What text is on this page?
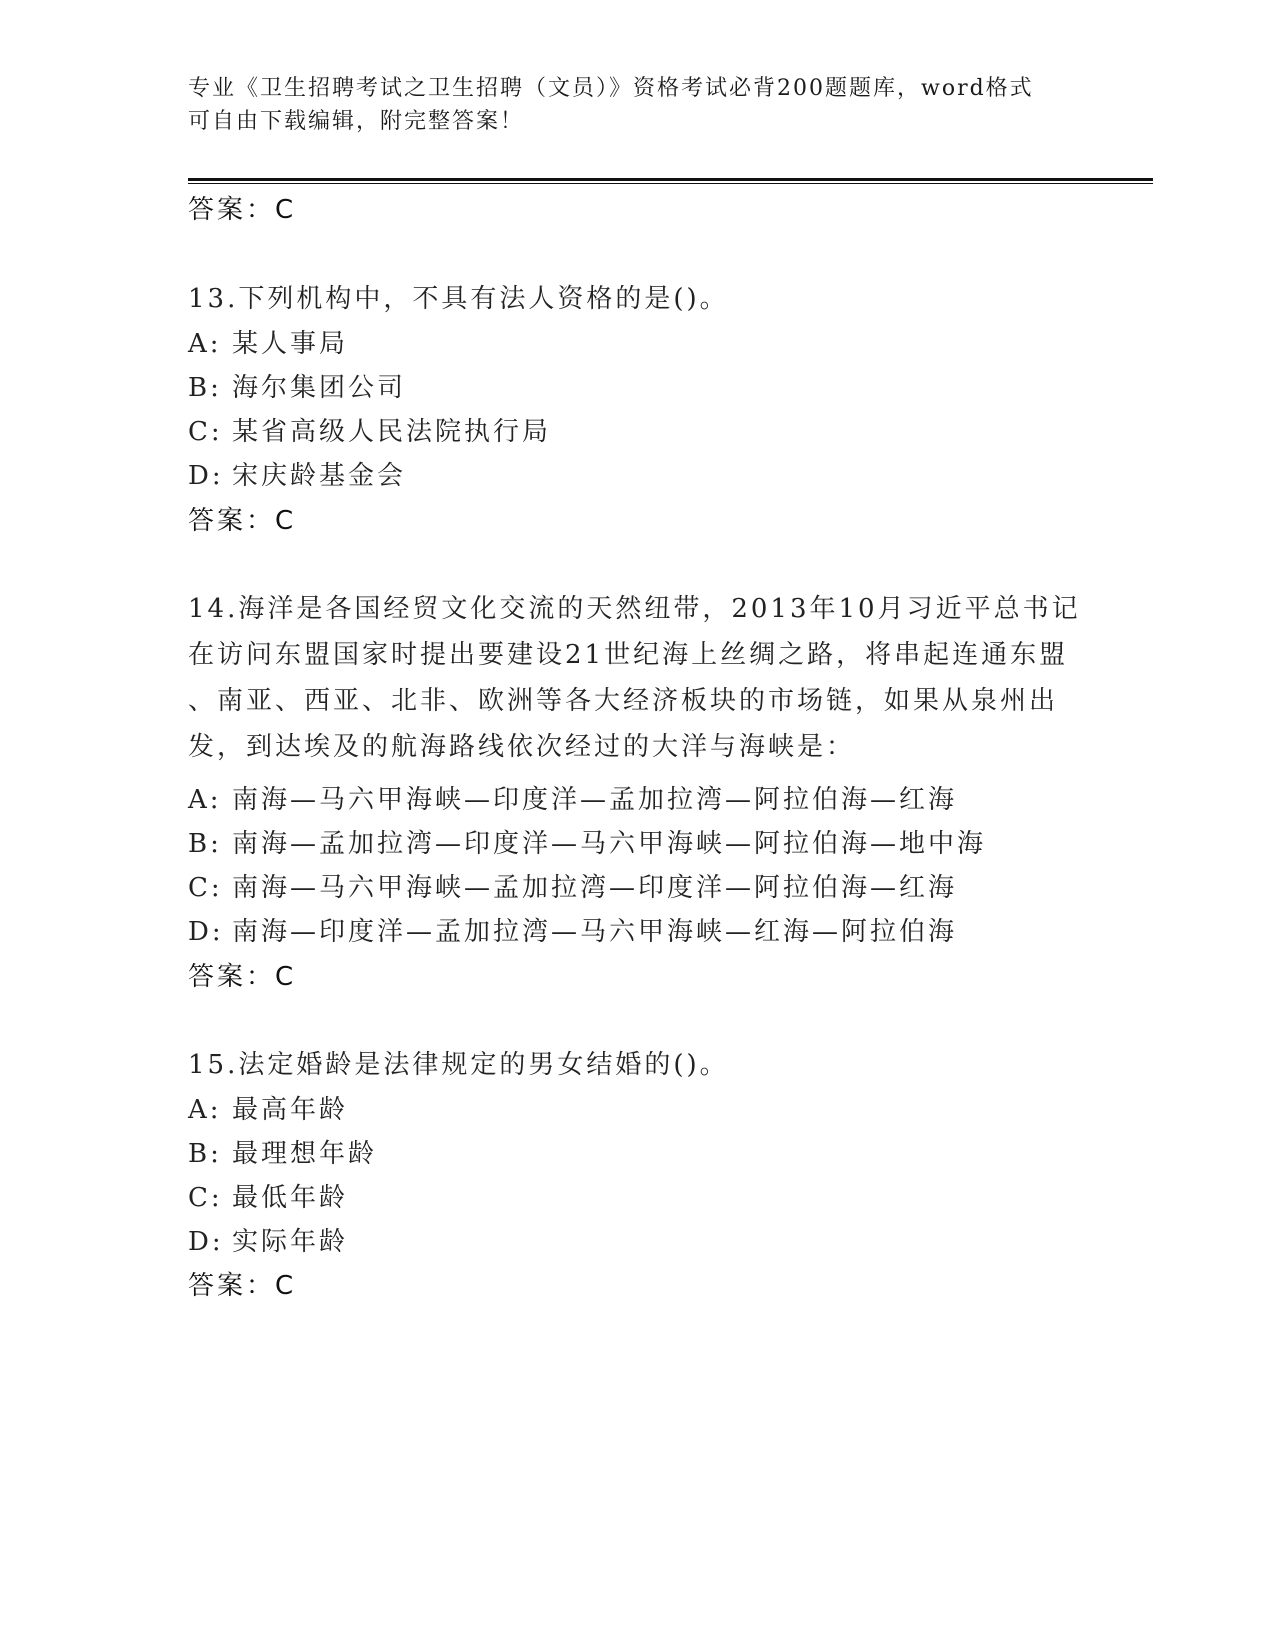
专业《卫生招聘考试之卫生招聘（文员）》资格考试必背200题题库，word格式
可自由下载编辑，附完整答案！
答案：C
13.下列机构中，不具有法人资格的是()。
A: 某人事局
B: 海尔集团公司
C: 某省高级人民法院执行局
D: 宋庆龄基金会
答案：C
14.海洋是各国经贸文化交流的天然纽带，2013年10月习近平总书记
在访问东盟国家时提出要建设21世纪海上丝绸之路，将串起连通东盟
、南亚、西亚、北非、欧洲等各大经济板块的市场链，如果从泉州出
发，到达埃及的航海路线依次经过的大洋与海峡是：
A: 南海—马六甲海峡—印度洋—孟加拉湾—阿拉伯海—红海
B: 南海—孟加拉湾—印度洋—马六甲海峡—阿拉伯海—地中海
C: 南海—马六甲海峡—孟加拉湾—印度洋—阿拉伯海—红海
D: 南海—印度洋—孟加拉湾—马六甲海峡—红海—阿拉伯海
答案：C
15.法定婚龄是法律规定的男女结婚的()。
A: 最高年龄
B: 最理想年龄
C: 最低年龄
D: 实际年龄
答案：C
